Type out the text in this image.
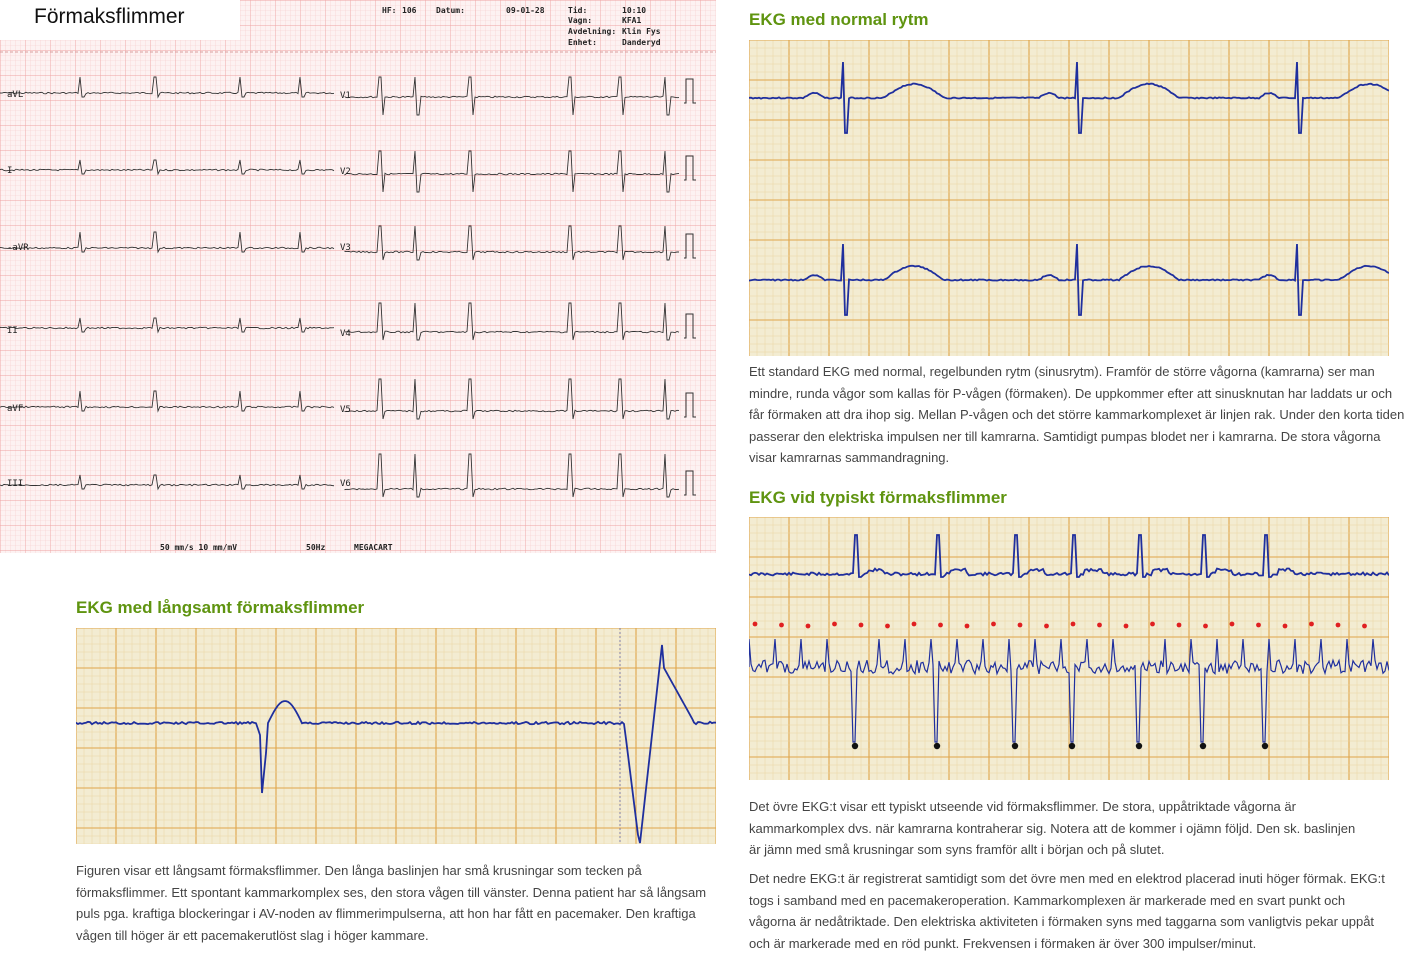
HF: 106 Datum:	09-01-28	Tid:	10:10
Vagn:	KFA1
Avdelning: Klin Fys
Enhet:	Danderyd
aVL
I
-aVR
II
aVF
III
V1
V2
V3
V4
V5
V6
50 mm/s 10 mm/mV	50Hz	MEGACART
Förmaksflimmer	EKG med normal rytm

Ett standard EKG med normal, regelbunden rytm (sinusrytm). Framför de större vågorna (kamrarna) ser man mindre, runda vågor som kallas för P-vågen (förmaken). De uppkommer efter att sinusknutan har laddats ur och får förmaken att dra ihop sig. Mellan P-vågen och det större kammarkomplexet är linjen rak. Under den korta tiden passerar den elektriska impulsen ner till kamrarna. Samtidigt pumpas blodet ner i kamrarna. De stora vågorna visar kamrarnas sammandragning.

EKG vid typiskt förmaksflimmer

Det övre EKG:t visar ett typiskt utseende vid förmaksflimmer. De stora, uppåtriktade vågorna är kammarkomplex dvs. när kamrarna kontraherar sig. Notera att de kommer i ojämn följd. Den sk. baslinjen är jämn med små krusningar som syns framför allt i början och på slutet.

Det nedre EKG:t är registrerat samtidigt som det övre men med en elektrod placerad inuti höger förmak. EKG:t togs i samband med en pacemakeroperation. Kammarkomplexen är markerade med en svart punkt och vågorna är nedåtriktade. Den elektriska aktiviteten i förmaken syns med taggarna som vanligtvis pekar uppåt och är markerade med en röd punkt. Frekvensen i förmaken är över 300 impulser/minut.

EKG med långsamt förmaksflimmer

Figuren visar ett långsamt förmaksflimmer. Den långa baslinjen har små krusningar som tecken på förmaksflimmer. Ett spontant kammarkomplex ses, den stora vågen till vänster. Denna patient har så långsam puls pga. kraftiga blockeringar i AV-noden av flimmerimpulserna, att hon har fått en pacemaker. Den kraftiga vågen till höger är ett pacemakerutlöst slag i höger kammare.
